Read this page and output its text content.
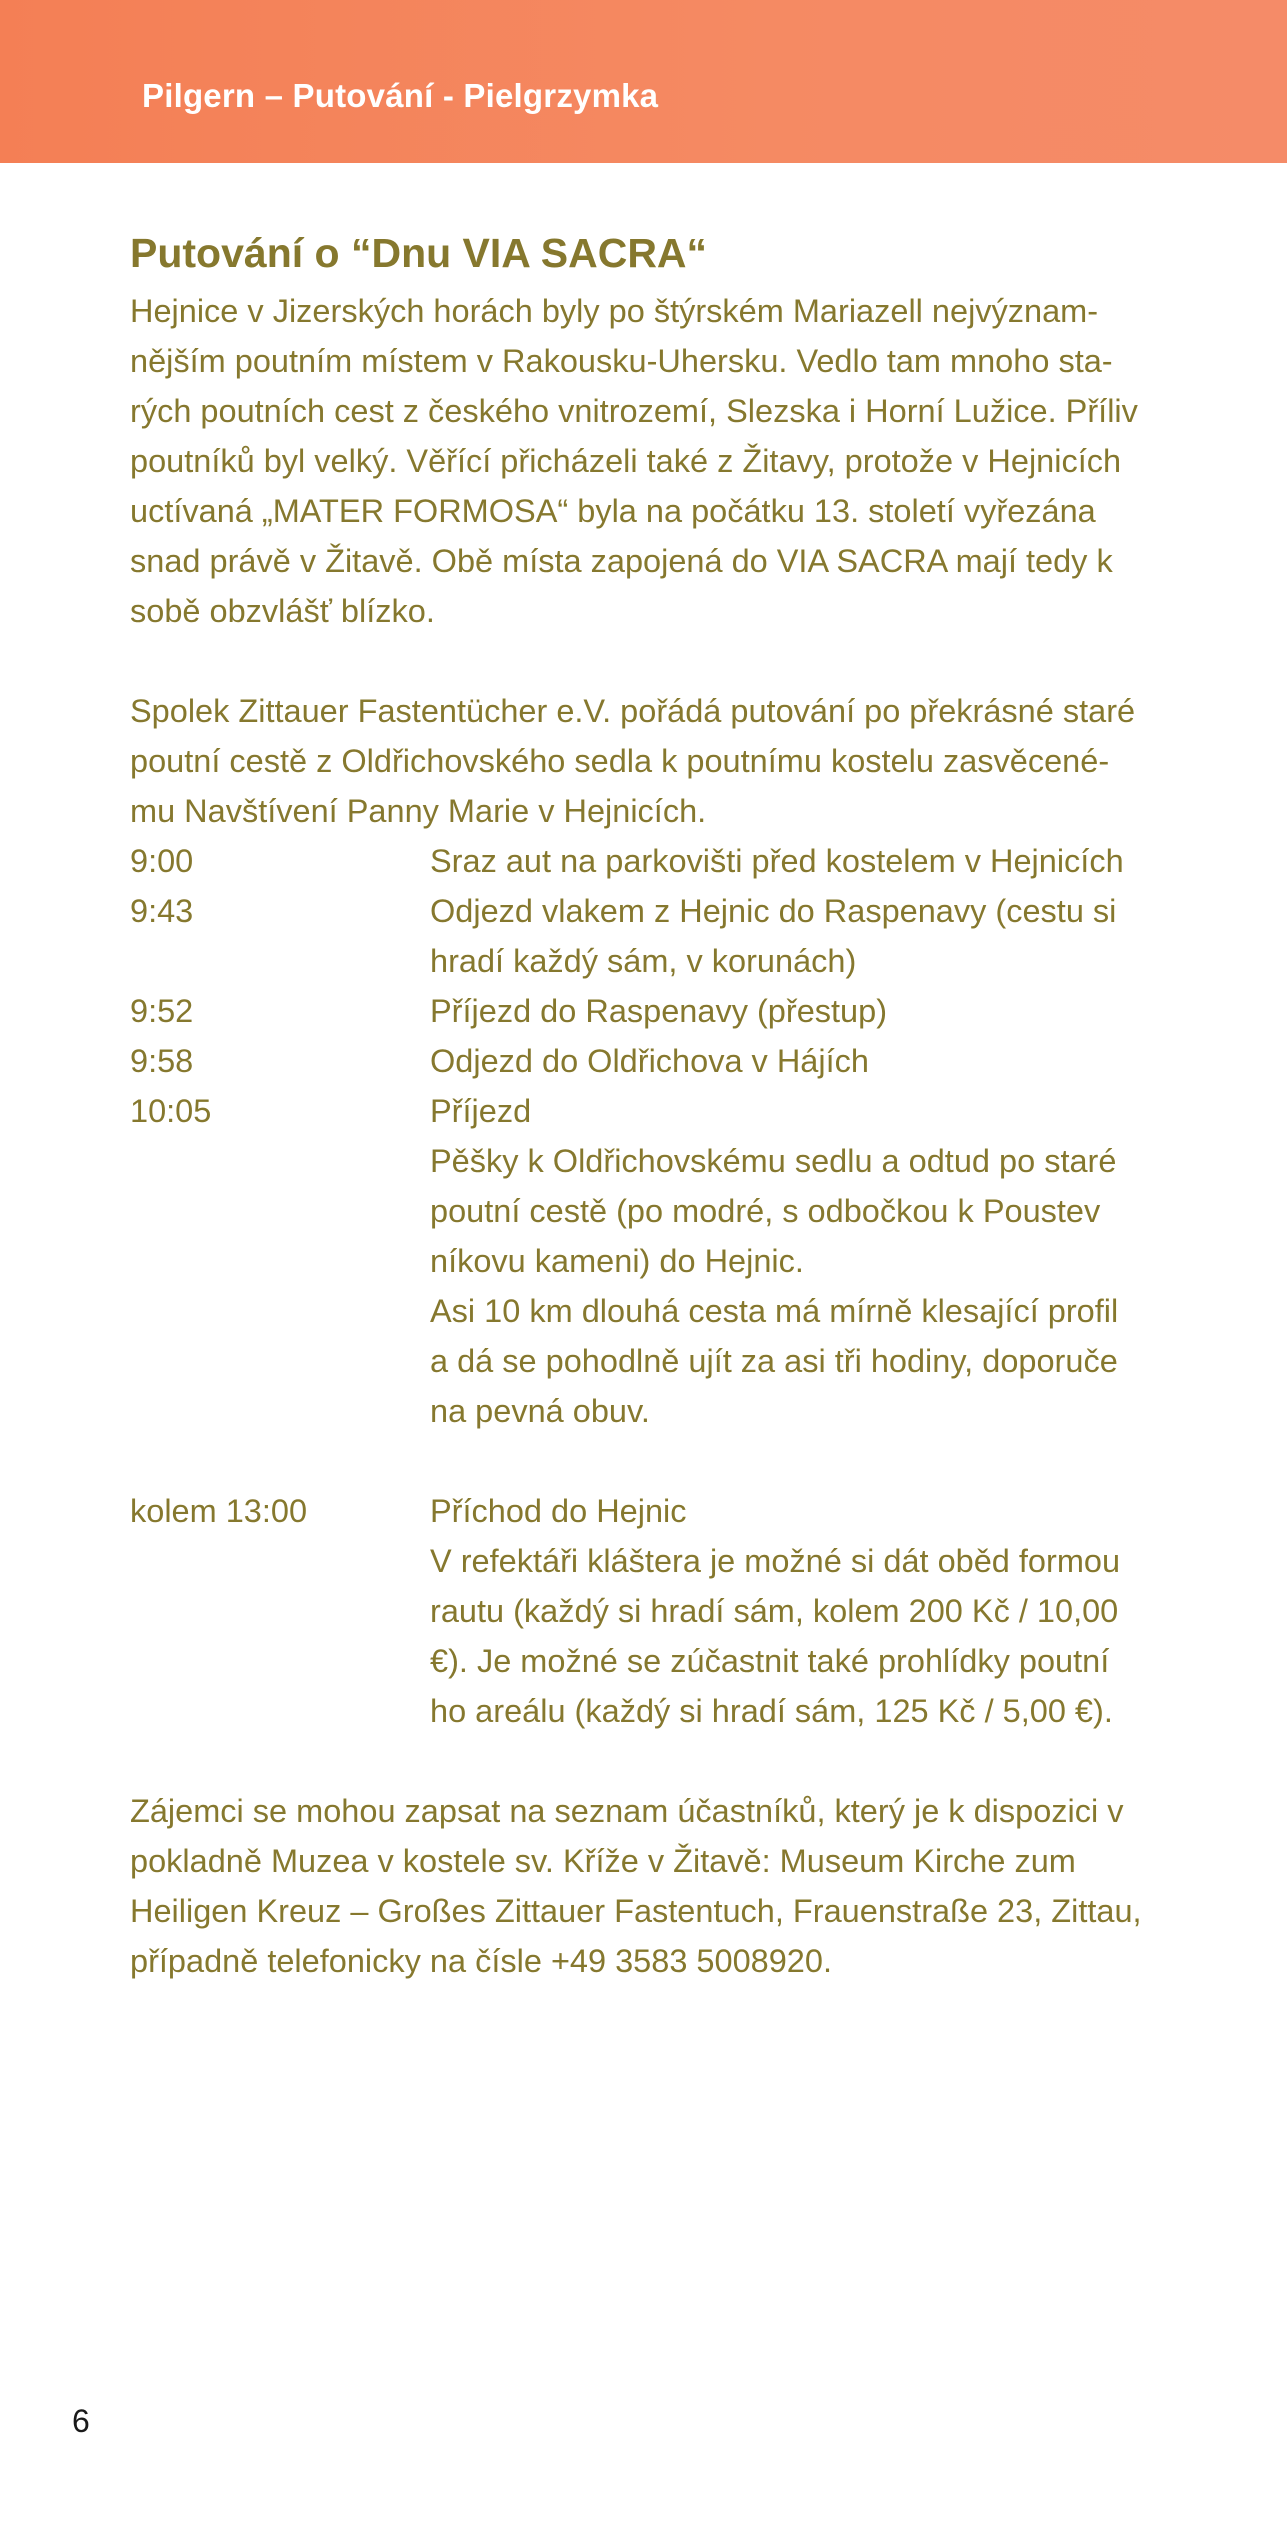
Pilgern – Putování - Pielgrzymka
Putování o “Dnu VIA SACRA“
Hejnice v Jizerských horách byly po štýrském Mariazell nejvýznam-
nějším poutním místem v Rakousku-Uhersku. Vedlo tam mnoho sta-
rých poutních cest z českého vnitrozemí, Slezska i Horní Lužice. Příliv
poutníků byl velký. Věřící přicházeli také z Žitavy, protože v Hejnicích
uctívaná „MATER FORMOSA“ byla na počátku 13. století vyřezána
snad právě v Žitavě. Obě místa zapojená do VIA SACRA mají tedy k
sobě obzvlášť blízko.
Spolek Zittauer Fastentücher e.V. pořádá putování po překrásné staré
poutní cestě z Oldřichovského sedla k poutnímu kostelu zasvěcené-
mu Navštívení Panny Marie v Hejnicích.
9:00	Sraz aut na parkovišti před kostelem v Hejnicích
9:43	Odjezd vlakem z Hejnic do Raspenavy (cestu si
hradí každý sám, v korunách)
9:52	Příjezd do Raspenavy (přestup)
9:58	Odjezd do Oldřichova v Hájích
10:05	Příjezd
Pěšky k Oldřichovskému sedlu a odtud po staré
poutní cestě (po modré, s odbočkou k Poustev
níkovu kameni) do Hejnic.
Asi 10 km dlouhá cesta má mírně klesající profil
a dá se pohodlně ujít za asi tři hodiny, doporuče
na pevná obuv.
kolem 13:00	Příchod do Hejnic
V refektáři kláštera je možné si dát oběd formou
rautu (každý si hradí sám, kolem 200 Kč / 10,00
€). Je možné se zúčastnit také prohlídky poutní
ho areálu (každý si hradí sám, 125 Kč / 5,00 €).
Zájemci se mohou zapsat na seznam účastníků, který je k dispozici v
pokladně Muzea v kostele sv. Kříže v Žitavě: Museum Kirche zum
Heiligen Kreuz – Großes Zittauer Fastentuch, Frauenstraße 23, Zittau,
případně telefonicky na čísle +49 3583 5008920.
6
